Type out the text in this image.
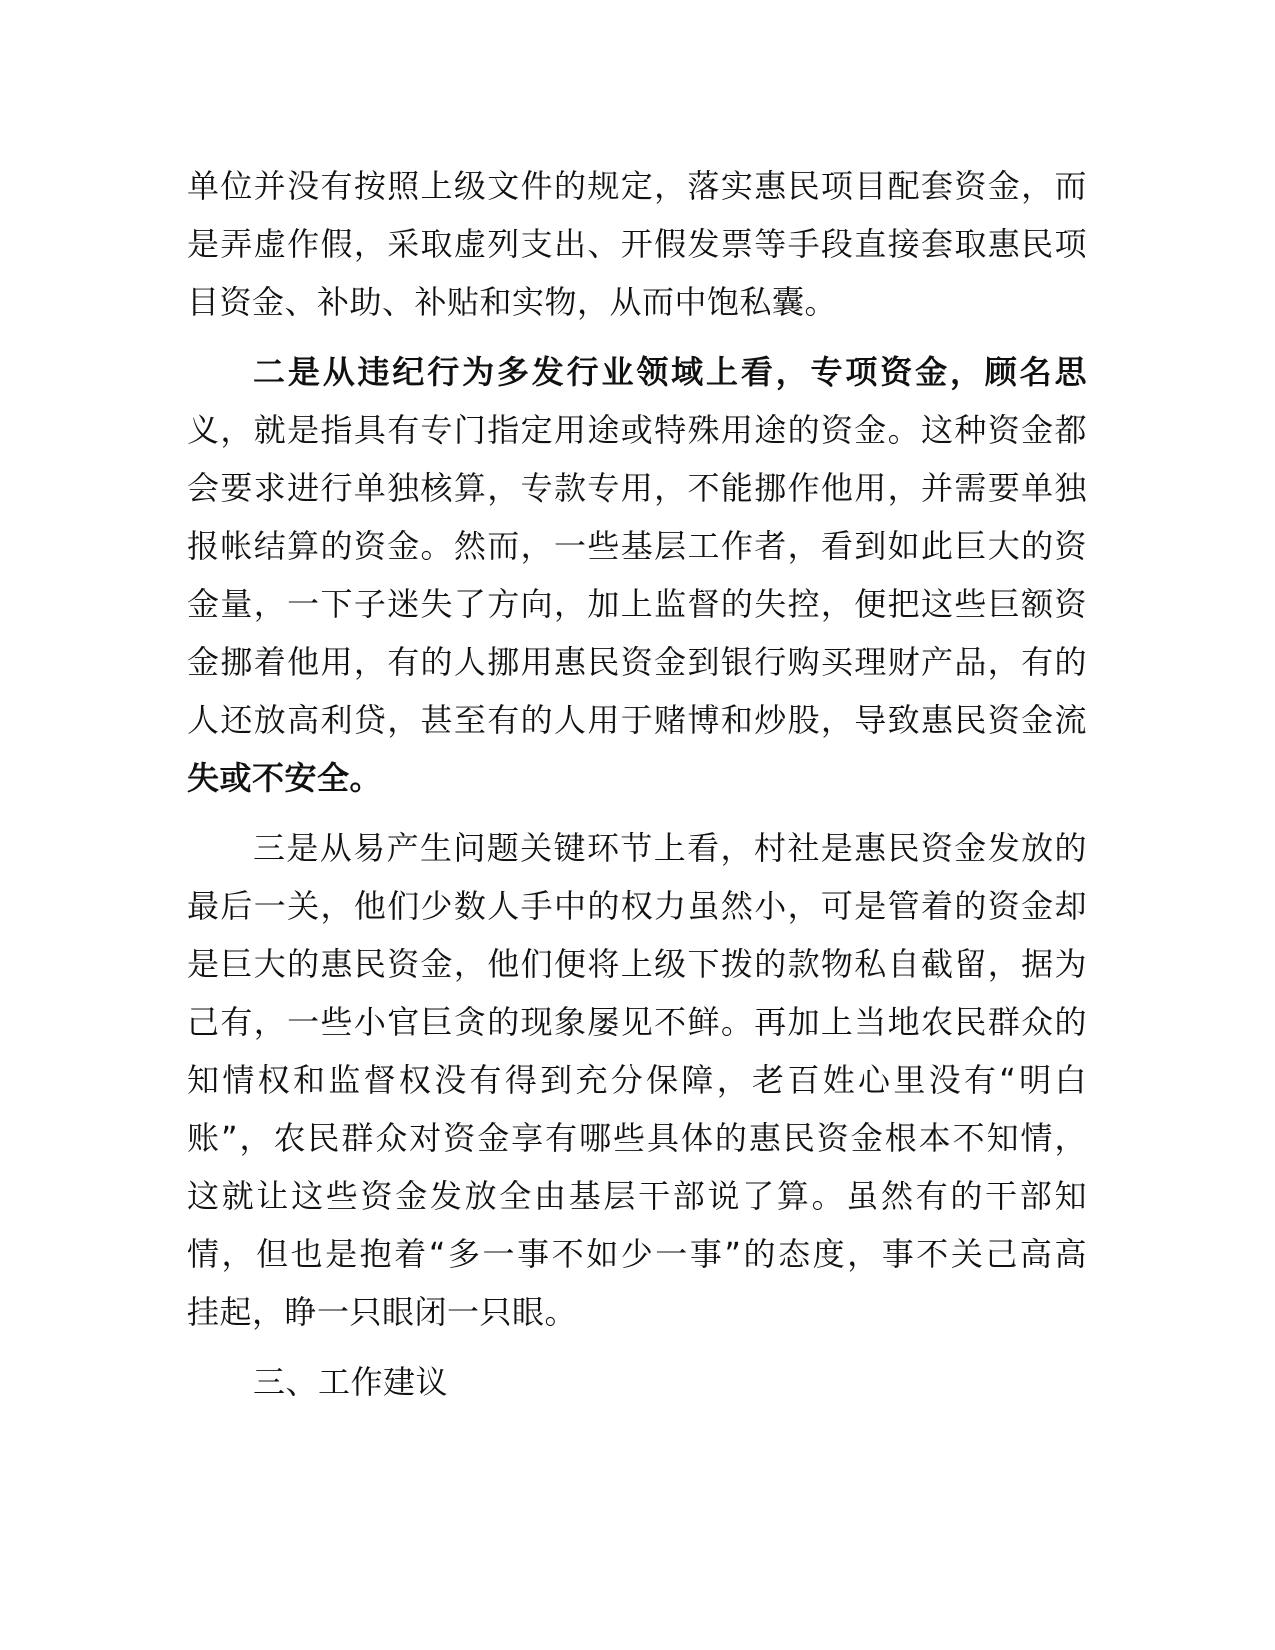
单位并没有按照上级文件的规定，落实惠民项目配套资金，而
是弄虚作假，采取虚列支出、开假发票等手段直接套取惠民项
目资金、补助、补贴和实物，从而中饱私囊。
二是从违纪行为多发行业领域上看，专项资金，顾名思
义，就是指具有专门指定用途或特殊用途的资金。这种资金都
会要求进行单独核算，专款专用，不能挪作他用，并需要单独
报帐结算的资金。然而，一些基层工作者，看到如此巨大的资
金量，一下子迷失了方向，加上监督的失控，便把这些巨额资
金挪着他用，有的人挪用惠民资金到银行购买理财产品，有的
人还放高利贷，甚至有的人用于赌博和炒股，导致惠民资金流
失或不安全。
三是从易产生问题关键环节上看，村社是惠民资金发放的
最后一关，他们少数人手中的权力虽然小，可是管着的资金却
是巨大的惠民资金，他们便将上级下拨的款物私自截留，据为
己有，一些小官巨贪的现象屡见不鲜。再加上当地农民群众的
知情权和监督权没有得到充分保障，老百姓心里没有“明白
账”，农民群众对资金享有哪些具体的惠民资金根本不知情，
这就让这些资金发放全由基层干部说了算。虽然有的干部知
情，但也是抱着“多一事不如少一事”的态度，事不关己高高
挂起，睁一只眼闭一只眼。
三、工作建议
